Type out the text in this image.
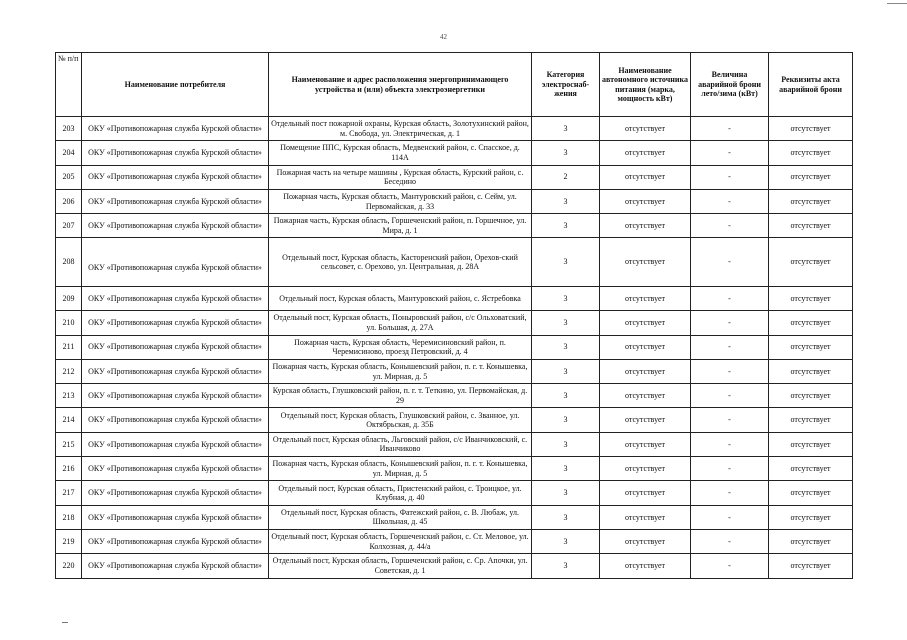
42
№ п/п	Наименование потребителя	Наименование и адрес расположения энергопринимающего устройства и (или) объекта электроэнергетики	Категория электроснаб-жения	Наименование автономного источника питания (марка, мощность кВт)	Величина аварийной брони лето/зима (кВт)	Реквизиты акта аварийной брони
203	ОКУ «Противопожарная служба Курской области»	Отдельный пост пожарной охраны, Курская область, Золотухинский район, м. Свобода, ул. Электрическая, д. 1	3	отсутствует	-	отсутствует
204	ОКУ «Противопожарная служба Курской области»	Помещение ППС, Курская область, Медвенский район, с. Спасское, д. 114А	3	отсутствует	-	отсутствует
205	ОКУ «Противопожарная служба Курской области»	Пожарная часть на четыре машины , Курская область, Курский район, с. Беседино	2	отсутствует	-	отсутствует
206	ОКУ «Противопожарная служба Курской области»	Пожарная часть, Курская область, Мантуровский район, с. Сейм, ул. Первомайская, д. 33	3	отсутствует	-	отсутствует
207	ОКУ «Противопожарная служба Курской области»	Пожарная часть, Курская область, Горшеченский район, п. Горшечное, ул. Мира, д. 1	3	отсутствует	-	отсутствует
208	ОКУ «Противопожарная служба Курской области»	Отдельный пост, Курская область, Касторенский район, Орехов-ский сельсовет, с. Орехово, ул. Центральная, д. 28А	3	отсутствует	-	отсутствует
209	ОКУ «Противопожарная служба Курской области»	Отдельный пост, Курская область, Мантуровский район, с. Ястребовка	3	отсутствует	-	отсутствует
210	ОКУ «Противопожарная служба Курской области»	Отдельный пост, Курская область, Поныровский район, с/с Ольховатский, ул. Большая, д. 27А	3	отсутствует	-	отсутствует
211	ОКУ «Противопожарная служба Курской области»	Пожарная часть, Курская область, Черемисиновский район, п. Черемисиново, проезд Петровский, д. 4	3	отсутствует	-	отсутствует
212	ОКУ «Противопожарная служба Курской области»	Пожарная часть, Курская область, Конышевский район, п. г. т. Конышевка, ул. Мирная, д. 5	3	отсутствует	-	отсутствует
213	ОКУ «Противопожарная служба Курской области»	Курская область, Глушковский район, п. г. т. Теткино, ул. Первомайская, д. 29	3	отсутствует	-	отсутствует
214	ОКУ «Противопожарная служба Курской области»	Отдельный пост, Курская область, Глушковский район, с. Званное, ул. Октябрьская, д. 35Б	3	отсутствует	-	отсутствует
215	ОКУ «Противопожарная служба Курской области»	Отдельный пост, Курская область, Льговский район, с/с Иванчиковский, с. Иванчиково	3	отсутствует	-	отсутствует
216	ОКУ «Противопожарная служба Курской области»	Пожарная часть, Курская область, Конышевский район, п. г. т. Конышевка, ул. Мирная, д. 5	3	отсутствует	-	отсутствует
217	ОКУ «Противопожарная служба Курской области»	Отдельный пост, Курская область, Пристенский район, с. Троицкое, ул. Клубная, д. 40	3	отсутствует	-	отсутствует
218	ОКУ «Противопожарная служба Курской области»	Отдельный пост, Курская область, Фатежский район, с. В. Любаж, ул. Школьная, д. 45	3	отсутствует	-	отсутствует
219	ОКУ «Противопожарная служба Курской области»	Отдельный пост, Курская область, Горшеченский район, с. Ст. Меловое, ул. Колхозная, д. 44/а	3	отсутствует	-	отсутствует
220	ОКУ «Противопожарная служба Курской области»	Отдельный пост, Курская область, Горшеченский район, с. Ср. Апочки, ул. Советская, д. 1	3	отсутствует	-	отсутствует
